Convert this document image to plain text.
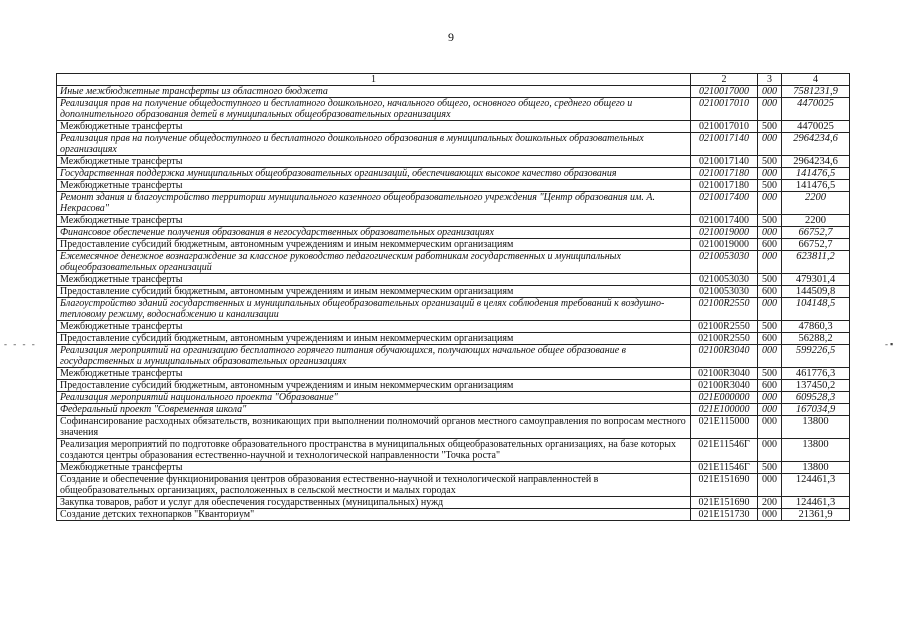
9
- - - -	-▪
1	2	3	4
Иные межбюджетные трансферты из областного бюджета	0210017000	000	7581231,9
Реализация прав на получение общедоступного и бесплатного дошкольного, начального общего, основного общего, среднего общего и дополнительного образования детей в муниципальных общеобразовательных организациях	0210017010	000	4470025
Межбюджетные трансферты	0210017010	500	4470025
Реализация прав на получение общедоступного и бесплатного дошкольного образования в муниципальных дошкольных образовательных организациях	0210017140	000	2964234,6
Межбюджетные трансферты	0210017140	500	2964234,6
Государственная поддержка муниципальных общеобразовательных организаций, обеспечивающих высокое качество образования	0210017180	000	141476,5
Межбюджетные трансферты	0210017180	500	141476,5
Ремонт здания и благоустройство территории муниципального казенного общеобразовательного учреждения "Центр образования им. А. Некрасова"	0210017400	000	2200
Межбюджетные трансферты	0210017400	500	2200
Финансовое обеспечение получения образования в негосударственных образовательных организациях	0210019000	000	66752,7
Предоставление субсидий бюджетным, автономным учреждениям и иным некоммерческим организациям	0210019000	600	66752,7
Ежемесячное денежное вознаграждение за классное руководство педагогическим работникам государственных и муниципальных общеобразовательных организаций	0210053030	000	623811,2
Межбюджетные трансферты	0210053030	500	479301,4
Предоставление субсидий бюджетным, автономным учреждениям и иным некоммерческим организациям	0210053030	600	144509,8
Благоустройство зданий государственных и муниципальных общеобразовательных организаций в целях соблюдения требований к воздушно-тепловому режиму, водоснабжению и канализации	02100R2550	000	104148,5
Межбюджетные трансферты	02100R2550	500	47860,3
Предоставление субсидий бюджетным, автономным учреждениям и иным некоммерческим организациям	02100R2550	600	56288,2
Реализация мероприятий на организацию бесплатного горячего питания обучающихся, получающих начальное общее образование в государственных и муниципальных образовательных организациях	02100R3040	000	599226,5
Межбюджетные трансферты	02100R3040	500	461776,3
Предоставление субсидий бюджетным, автономным учреждениям и иным некоммерческим организациям	02100R3040	600	137450,2
Реализация мероприятий национального проекта "Образование"	021E000000	000	609528,3
Федеральный проект "Современная школа"	021E100000	000	167034,9
Софинансирование расходных обязательств, возникающих при выполнении полномочий органов местного самоуправления по вопросам местного значения	021E115000	000	13800
Реализация мероприятий по подготовке образовательного пространства в муниципальных общеобразовательных организациях, на базе которых создаются центры образования естественно-научной и технологической направленности "Точка роста"	021E11546Г	000	13800
Межбюджетные трансферты	021E11546Г	500	13800
Создание и обеспечение функционирования центров образования естественно-научной и технологической направленностей в общеобразовательных организациях, расположенных в сельской местности и малых городах	021E151690	000	124461,3
Закупка товаров, работ и услуг для обеспечения государственных (муниципальных) нужд	021E151690	200	124461,3
Создание детских технопарков "Кванториум"	021E151730	000	21361,9
